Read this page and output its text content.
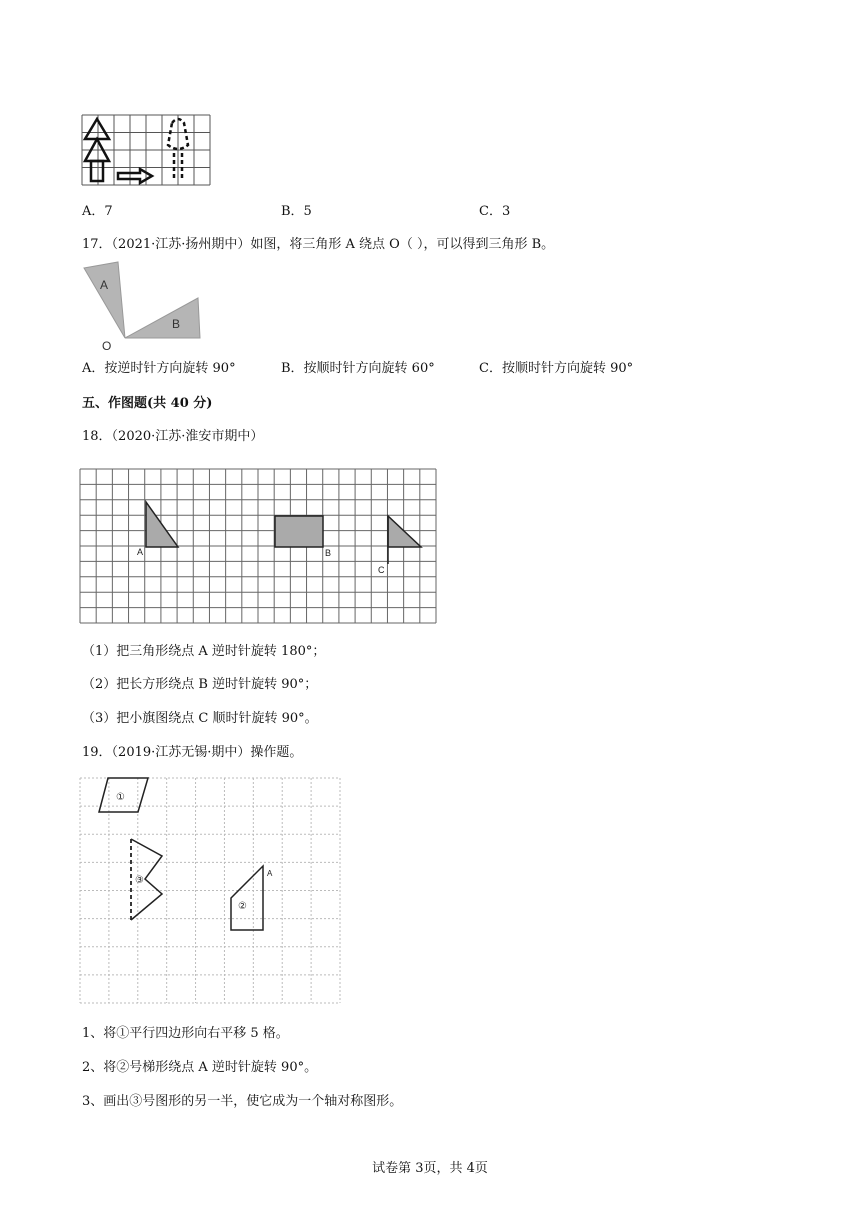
A．7	B．5	C．3
17．（2021·江苏·扬州期中）如图，将三角形 A 绕点 O（ ），可以得到三角形 B。
A
B
O
A．按逆时针方向旋转 90°	B．按顺时针方向旋转 60°	C．按顺时针方向旋转 90°
五、作图题(共 40 分)
18．（2020·江苏·淮安市期中）
A	B
C
（1）把三角形绕点 A 逆时针旋转 180°；
（2）把长方形绕点 B 逆时针旋转 90°；
（3）把小旗图绕点 C 顺时针旋转 90°。
19．（2019·江苏无锡·期中）操作题。
①
③
②
A
1、将①平行四边形向右平移 5 格。
2、将②号梯形绕点 A 逆时针旋转 90°。
3、画出③号图形的另一半，使它成为一个轴对称图形。
试卷第 3页，共 4页
